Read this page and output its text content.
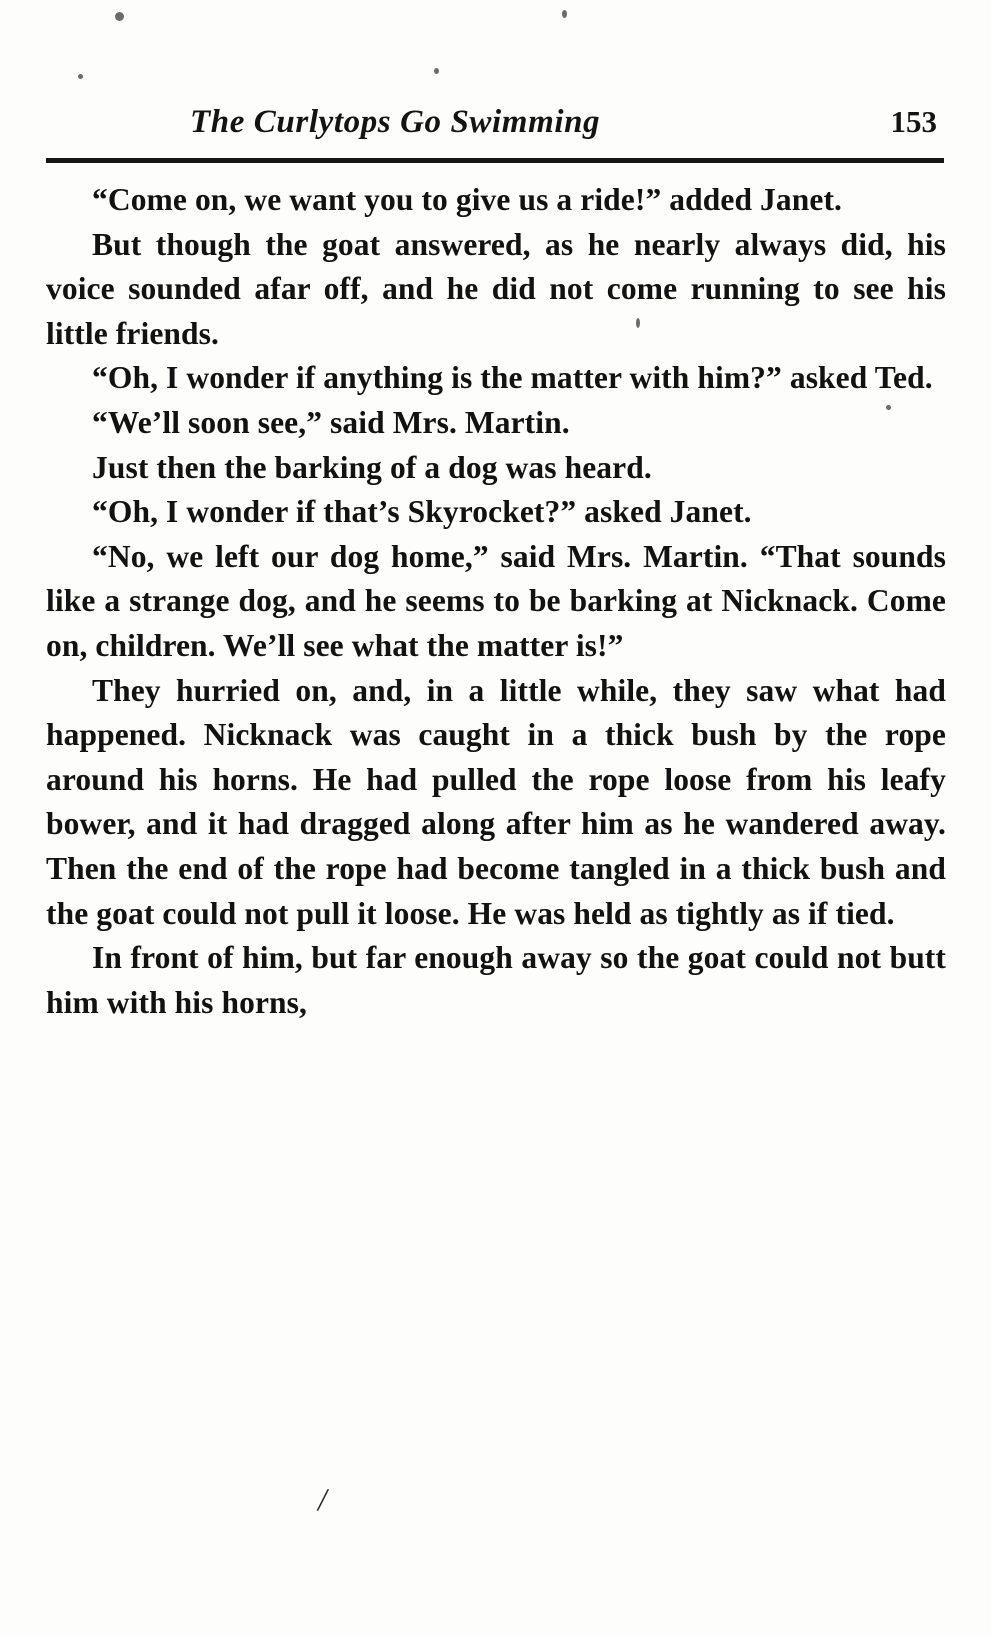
The Curlytops Go Swimming	153

“Come on, we want you to give us a ride!” added Janet.

But though the goat answered, as he nearly always did, his voice sounded afar off, and he did not come running to see his little friends.

“Oh, I wonder if anything is the matter with him?” asked Ted.

“We’ll soon see,” said Mrs. Martin.

Just then the barking of a dog was heard.

“Oh, I wonder if that’s Skyrocket?” asked Janet.

“No, we left our dog home,” said Mrs. Martin. “That sounds like a strange dog, and he seems to be barking at Nicknack. Come on, children. We’ll see what the matter is!”

They hurried on, and, in a little while, they saw what had happened. Nicknack was caught in a thick bush by the rope around his horns. He had pulled the rope loose from his leafy bower, and it had dragged along after him as he wandered away. Then the end of the rope had become tangled in a thick bush and the goat could not pull it loose. He was held as tightly as if tied.

In front of him, but far enough away so the goat could not butt him with his horns,

/
